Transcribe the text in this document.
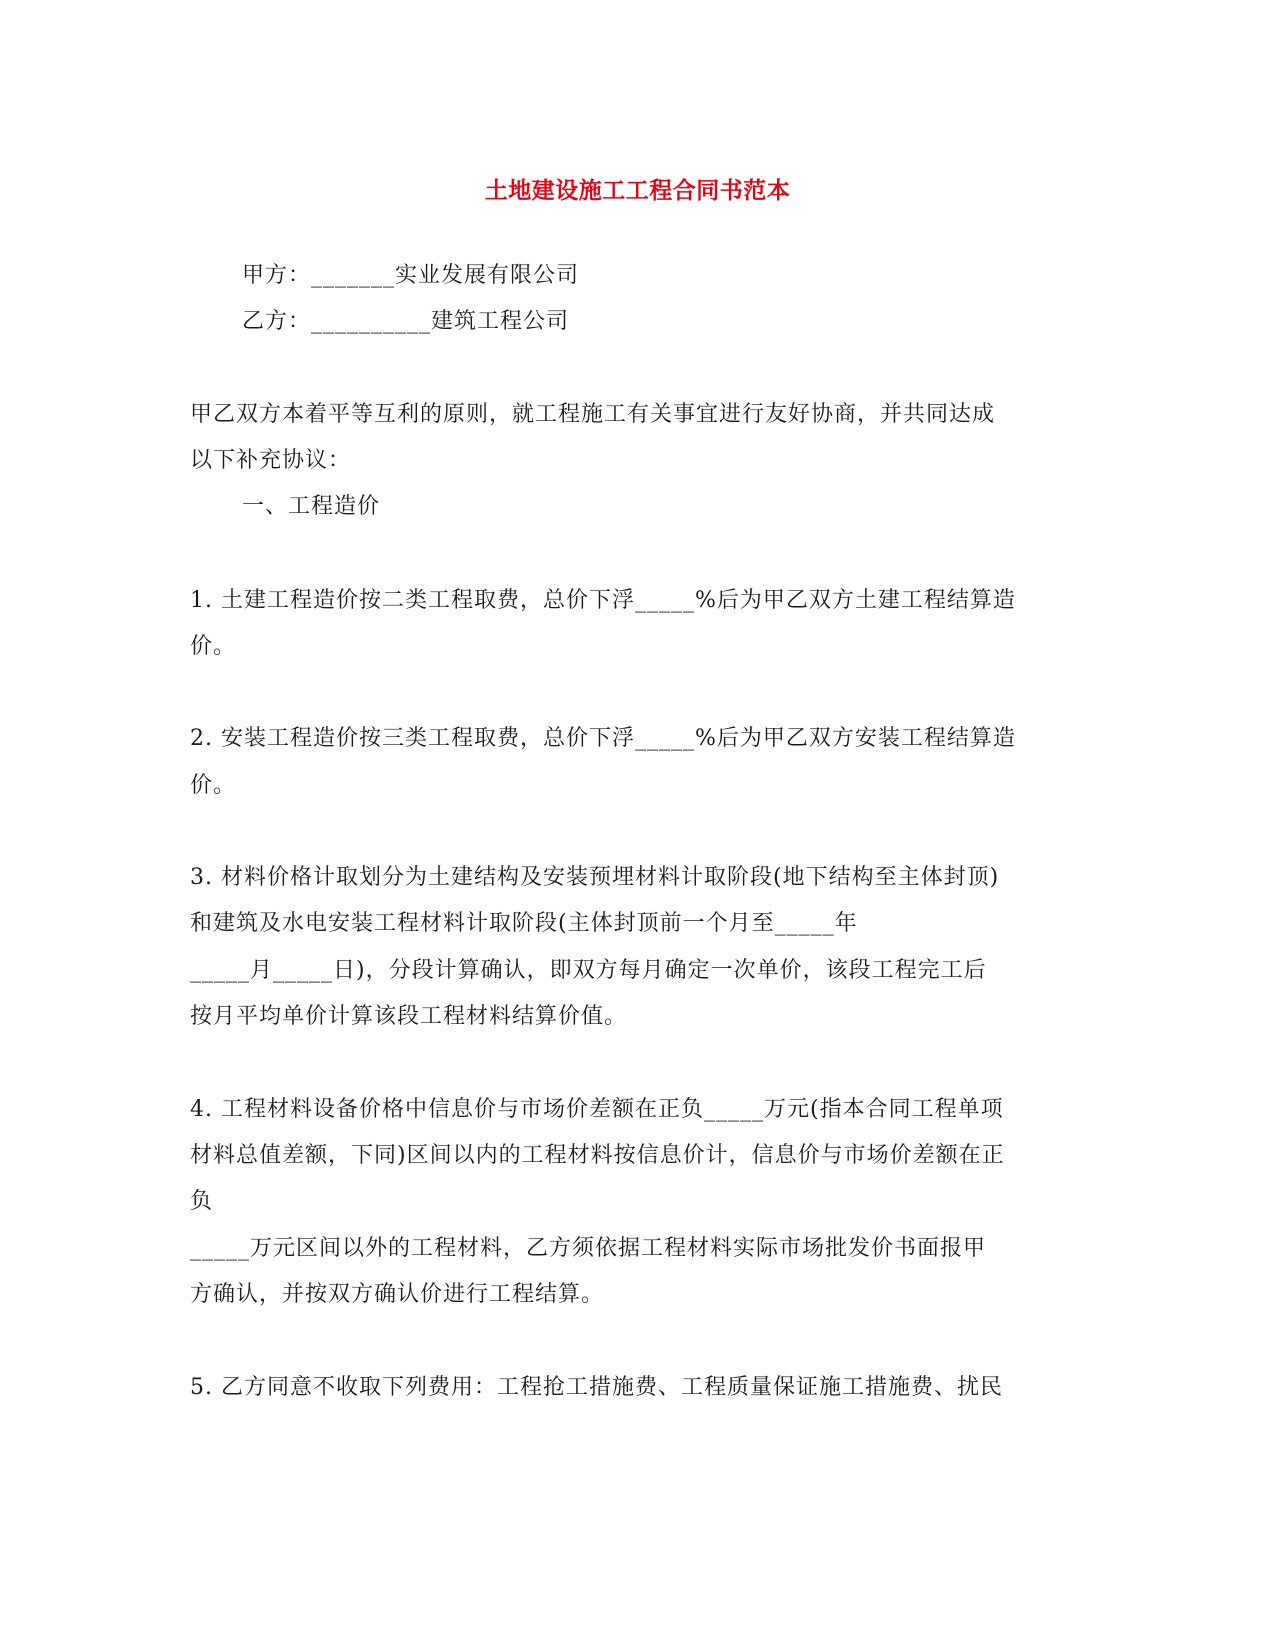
土地建设施工工程合同书范本
甲方：_______实业发展有限公司
乙方：__________建筑工程公司
甲乙双方本着平等互利的原则，就工程施工有关事宜进行友好协商，并共同达成
以下补充协议：
一、工程造价
1. 土建工程造价按二类工程取费，总价下浮_____%后为甲乙双方土建工程结算造
价。
2. 安装工程造价按三类工程取费，总价下浮_____%后为甲乙双方安装工程结算造
价。
3. 材料价格计取划分为土建结构及安装预埋材料计取阶段(地下结构至主体封顶)
和建筑及水电安装工程材料计取阶段(主体封顶前一个月至_____年
_____月_____日)，分段计算确认，即双方每月确定一次单价，该段工程完工后
按月平均单价计算该段工程材料结算价值。
4. 工程材料设备价格中信息价与市场价差额在正负_____万元(指本合同工程单项
材料总值差额，下同)区间以内的工程材料按信息价计，信息价与市场价差额在正
负
_____万元区间以外的工程材料，乙方须依据工程材料实际市场批发价书面报甲
方确认，并按双方确认价进行工程结算。
5. 乙方同意不收取下列费用：工程抢工措施费、工程质量保证施工措施费、扰民
